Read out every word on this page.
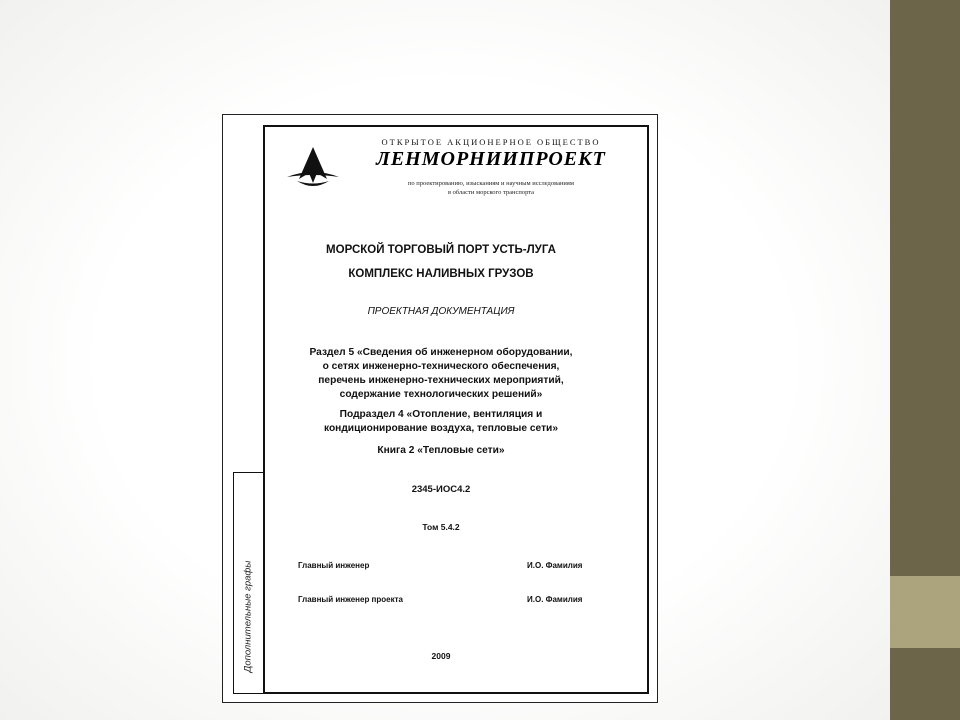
Дополнительные графы
ОТКРЫТОЕ АКЦИОНЕРНОЕ ОБЩЕСТВО
ЛЕНМОРНИИПРОЕКТ
по проектированию, изысканиям и научным исследованиям
в области морского транспорта
МОРСКОЙ ТОРГОВЫЙ ПОРТ УСТЬ-ЛУГА
КОМПЛЕКС НАЛИВНЫХ ГРУЗОВ
ПРОЕКТНАЯ ДОКУМЕНТАЦИЯ
Раздел 5 «Сведения об инженерном оборудовании,
о сетях инженерно-технического обеспечения,
перечень инженерно-технических мероприятий,
содержание технологических решений»
Подраздел 4 «Отопление, вентиляция и
кондиционирование воздуха, тепловые сети»
Книга 2 «Тепловые сети»
2345-ИОС4.2
Том 5.4.2
Главный инженер	И.О. Фамилия
Главный инженер проекта	И.О. Фамилия
2009
